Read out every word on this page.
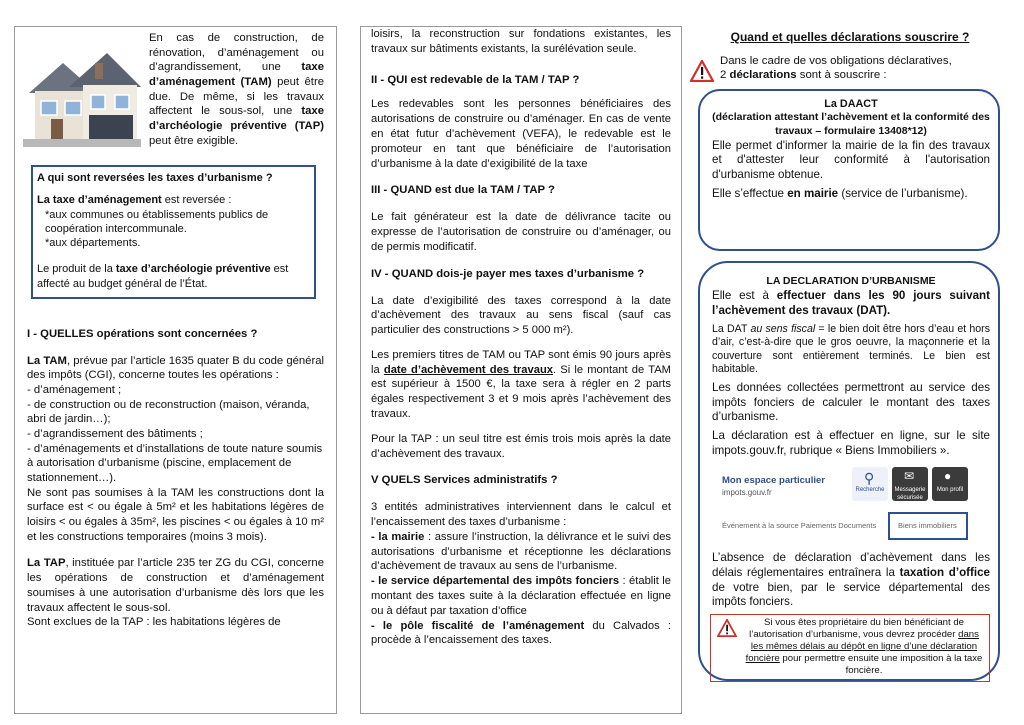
En cas de construction, de rénovation, d’aménagement ou d’agrandissement, une taxe d’aménagement (TAM) peut être due. De même, si les travaux affectent le sous-sol, une taxe d’archéologie préventive (TAP) peut être exigible.

A qui sont reversées les taxes d’urbanisme ?

La taxe d’aménagement est reversée :

*aux communes ou établissements publics de coopération intercommunale.

*aux départements.

Le produit de la taxe d’archéologie préventive est affecté au budget général de l’État.

I - QUELLES opérations sont concernées ?

La TAM, prévue par l’article 1635 quater B du code général des impôts (CGI), concerne toutes les opérations :

- d’aménagement ;

- de construction ou de reconstruction (maison, véranda, abri de jardin…);

- d’agrandissement des bâtiments ;

- d’aménagements et d’installations de toute nature soumis à autorisation d’urbanisme (piscine, emplacement de stationnement…).

Ne sont pas soumises à la TAM les constructions dont la surface est < ou égale à 5m² et les habitations légères de loisirs < ou égales à 35m², les piscines < ou égales à 10 m² et les constructions temporaires (moins 3 mois).

La TAP, instituée par l’article 235 ter ZG du CGI, concerne les opérations de construction et d’aménagement soumises à une autorisation d’urbanisme dès lors que les travaux affectent le sous-sol.

Sont exclues de la TAP : les habitations légères de

loisirs, la reconstruction sur fondations existantes, les travaux sur bâtiments existants, la surélévation seule.

II - QUI est redevable de la TAM / TAP ?

Les redevables sont les personnes bénéficiaires des autorisations de construire ou d’aménager. En cas de vente en état futur d’achèvement (VEFA), le redevable est le promoteur en tant que bénéficiaire de l’autorisation d’urbanisme à la date d’exigibilité de la taxe

III - QUAND est due la TAM / TAP ?

Le fait générateur est la date de délivrance tacite ou expresse de l’autorisation de construire ou d’aménager, ou de permis modificatif.

IV - QUAND dois-je payer mes taxes d’urbanisme ?

La date d’exigibilité des taxes correspond à la date d’achèvement des travaux au sens fiscal (sauf cas particulier des constructions > 5 000 m²).

Les premiers titres de TAM ou TAP sont émis 90 jours après la date d’achèvement des travaux. Si le montant de TAM est supérieur à 1500 €, la taxe sera à régler en 2 parts égales respectivement 3 et 9 mois après l’achèvement des travaux.

Pour la TAP : un seul titre est émis trois mois après la date d’achèvement des travaux.

V QUELS Services administratifs ?

3 entités administratives interviennent dans le calcul et l’encaissement des taxes d’urbanisme :

- la mairie : assure l’instruction, la délivrance et le suivi des autorisations d’urbanisme et réceptionne les déclarations d’achèvement de travaux au sens de l’urbanisme.

- le service départemental des impôts fonciers : établit le montant des taxes suite à la déclaration effectuée en ligne ou à défaut par taxation d’office

- le pôle fiscalité de l’aménagement du Calvados : procède à l’encaissement des taxes.

Quand et quelles déclarations souscrire ?

Dans le cadre de vos obligations déclaratives,

2 déclarations sont à souscrire :

La DAACT

(déclaration attestant l’achèvement et la conformité des travaux – formulaire 13408*12)

Elle permet d'informer la mairie de la fin des travaux et d'attester leur conformité à l'autorisation d'urbanisme obtenue.

Elle s’effectue en mairie (service de l’urbanisme).

LA DECLARATION D’URBANISME

Elle est à effectuer dans les 90 jours suivant l’achèvement des travaux (DAT).

La DAT au sens fiscal = le bien doit être hors d’eau et hors d’air, c’est-à-dire que le gros oeuvre, la maçonnerie et la couverture sont entièrement terminés. Le bien est habitable.

Les données collectées permettront au service des impôts fonciers de calculer le montant des taxes d’urbanisme.

La déclaration est à effectuer en ligne, sur le site impots.gouv.fr, rubrique « Biens Immobiliers ».

Mon espace particulier
impots.gouv.fr
⚲
Recherche
✉
Messagerie sécurisée
●
Mon profil
Événement à la source Paiements Documents	Biens immobiliers

L’absence de déclaration d’achèvement dans les délais réglementaires entraînera la taxation d’office de votre bien, par le service départemental des impôts fonciers.

Si vous êtes propriétaire du bien bénéficiant de l’autorisation d’urbanisme, vous devrez procéder dans les mêmes délais au dépôt en ligne d’une déclaration foncière pour permettre ensuite une imposition à la taxe foncière.
